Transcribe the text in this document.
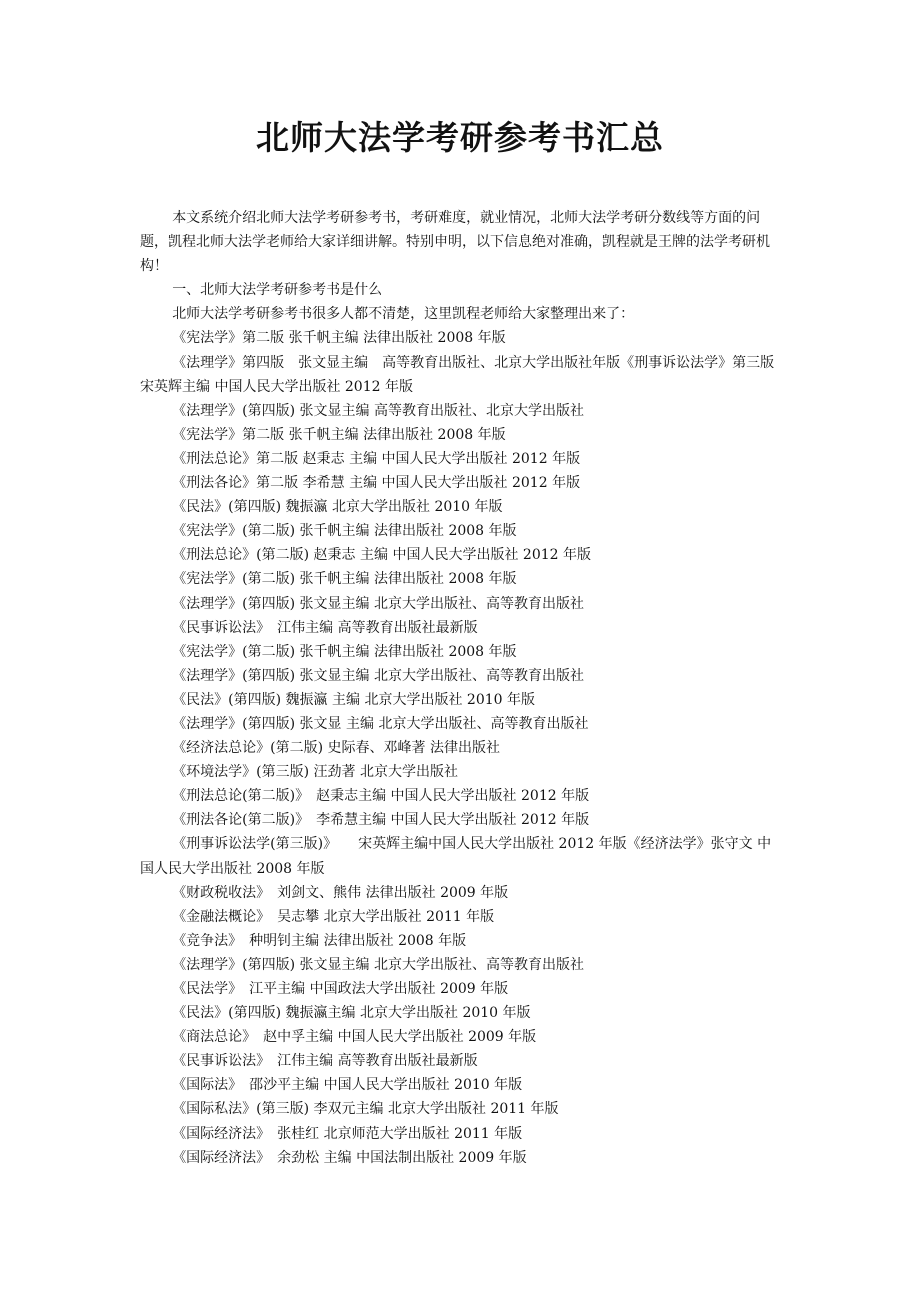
北师大法学考研参考书汇总

本文系统介绍北师大法学考研参考书，考研难度，就业情况，北师大法学考研分数线等方面的问题，凯程北师大法学老师给大家详细讲解。特别申明，以下信息绝对准确，凯程就是王牌的法学考研机构！

一、北师大法学考研参考书是什么

北师大法学考研参考书很多人都不清楚，这里凯程老师给大家整理出来了：

《宪法学》第二版 张千帆主编 法律出版社 2008 年版

《法理学》第四版　张文显主编　高等教育出版社、北京大学出版社年版《刑事诉讼法学》第三版 宋英辉主编 中国人民大学出版社 2012 年版

《法理学》(第四版) 张文显主编 高等教育出版社、北京大学出版社

《宪法学》第二版 张千帆主编 法律出版社 2008 年版

《刑法总论》第二版 赵秉志 主编 中国人民大学出版社 2012 年版

《刑法各论》第二版 李希慧 主编 中国人民大学出版社 2012 年版

《民法》(第四版) 魏振瀛 北京大学出版社 2010 年版

《宪法学》(第二版) 张千帆主编 法律出版社 2008 年版

《刑法总论》(第二版) 赵秉志 主编 中国人民大学出版社 2012 年版

《宪法学》(第二版) 张千帆主编 法律出版社 2008 年版

《法理学》(第四版) 张文显主编 北京大学出版社、高等教育出版社

《民事诉讼法》　江伟主编 高等教育出版社最新版

《宪法学》(第二版) 张千帆主编 法律出版社 2008 年版

《法理学》(第四版) 张文显主编 北京大学出版社、高等教育出版社

《民法》(第四版) 魏振瀛 主编 北京大学出版社 2010 年版

《法理学》(第四版) 张文显 主编 北京大学出版社、高等教育出版社

《经济法总论》(第二版) 史际春、邓峰著 法律出版社

《环境法学》(第三版) 汪劲著 北京大学出版社

《刑法总论(第二版)》　赵秉志主编 中国人民大学出版社 2012 年版

《刑法各论(第二版)》　李希慧主编 中国人民大学出版社 2012 年版

《刑事诉讼法学(第三版)》　　宋英辉主编中国人民大学出版社 2012 年版《经济法学》张守文 中国人民大学出版社 2008 年版

《财政税收法》　刘剑文、熊伟 法律出版社 2009 年版

《金融法概论》　吴志攀 北京大学出版社 2011 年版

《竞争法》　种明钊主编 法律出版社 2008 年版

《法理学》(第四版) 张文显主编 北京大学出版社、高等教育出版社

《民法学》　江平主编 中国政法大学出版社 2009 年版

《民法》(第四版) 魏振瀛主编 北京大学出版社 2010 年版

《商法总论》　赵中孚主编 中国人民大学出版社 2009 年版

《民事诉讼法》　江伟主编 高等教育出版社最新版

《国际法》　邵沙平主编 中国人民大学出版社 2010 年版

《国际私法》(第三版) 李双元主编 北京大学出版社 2011 年版

《国际经济法》　张桂红 北京师范大学出版社 2011 年版

《国际经济法》　余劲松 主编 中国法制出版社 2009 年版
